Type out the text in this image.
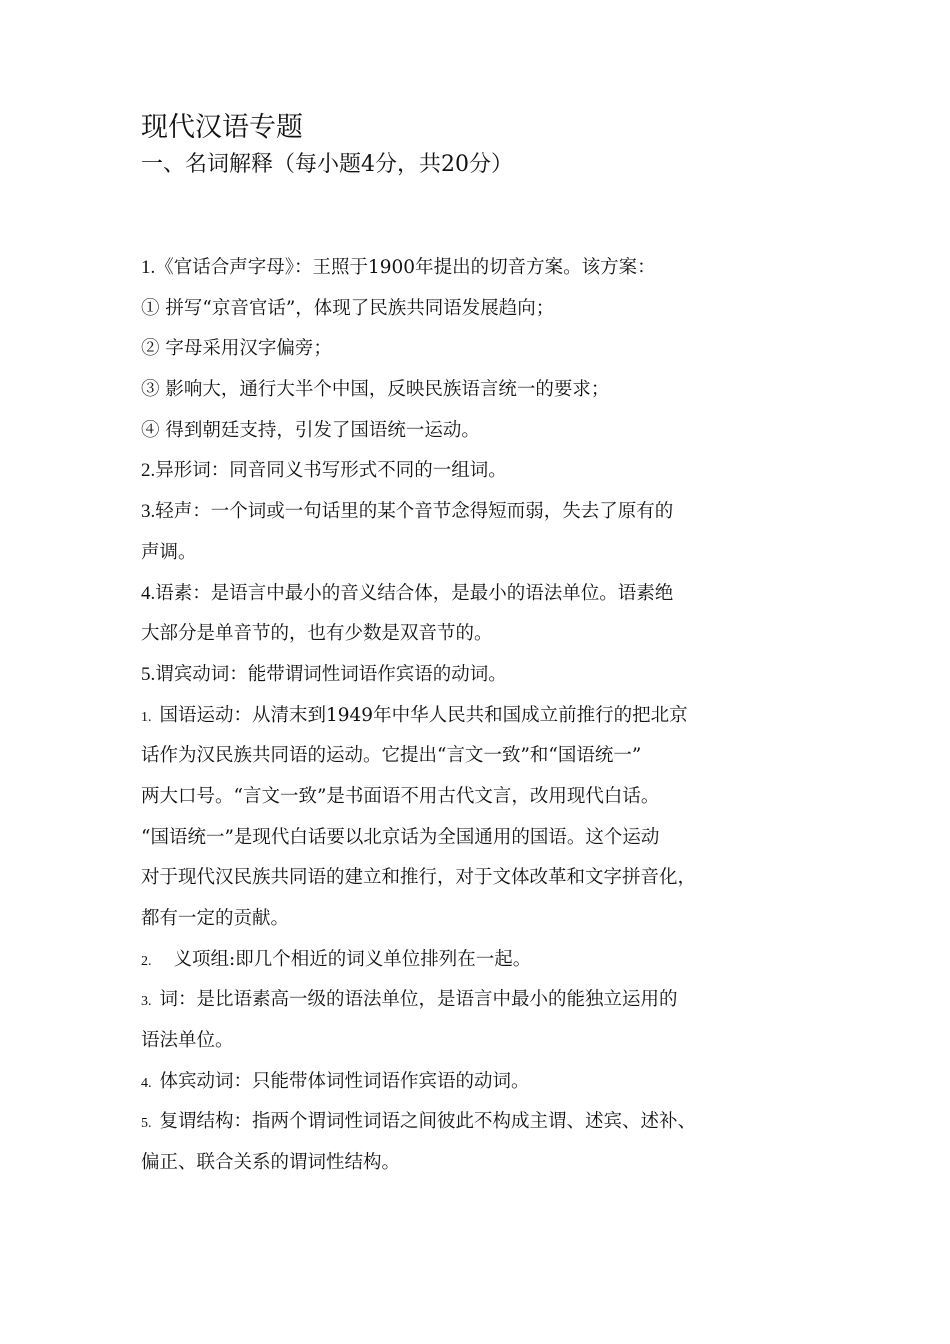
现代汉语专题
一、名词解释（每小题4分，共20分）
1.《官话合声字母》：王照于1900年提出的切音方案。该方案：
① 拼写“京音官话”，体现了民族共同语发展趋向；
② 字母采用汉字偏旁；
③ 影响大，通行大半个中国，反映民族语言统一的要求；
④ 得到朝廷支持，引发了国语统一运动。
2.异形词：同音同义书写形式不同的一组词。
3.轻声：一个词或一句话里的某个音节念得短而弱，失去了原有的
声调。
4.语素：是语言中最小的音义结合体，是最小的语法单位。语素绝
大部分是单音节的，也有少数是双音节的。
5.谓宾动词：能带谓词性词语作宾语的动词。
1. 国语运动：从清末到1949年中华人民共和国成立前推行的把北京
话作为汉民族共同语的运动。它提出“言文一致”和“国语统一”
两大口号。“言文一致”是书面语不用古代文言，改用现代白话。
“国语统一”是现代白话要以北京话为全国通用的国语。这个运动
对于现代汉民族共同语的建立和推行，对于文体改革和文字拼音化，
都有一定的贡献。
2. 义项组:即几个相近的词义单位排列在一起。
3. 词：是比语素高一级的语法单位，是语言中最小的能独立运用的
语法单位。
4. 体宾动词：只能带体词性词语作宾语的动词。
5. 复谓结构：指两个谓词性词语之间彼此不构成主谓、述宾、述补、
偏正、联合关系的谓词性结构。
